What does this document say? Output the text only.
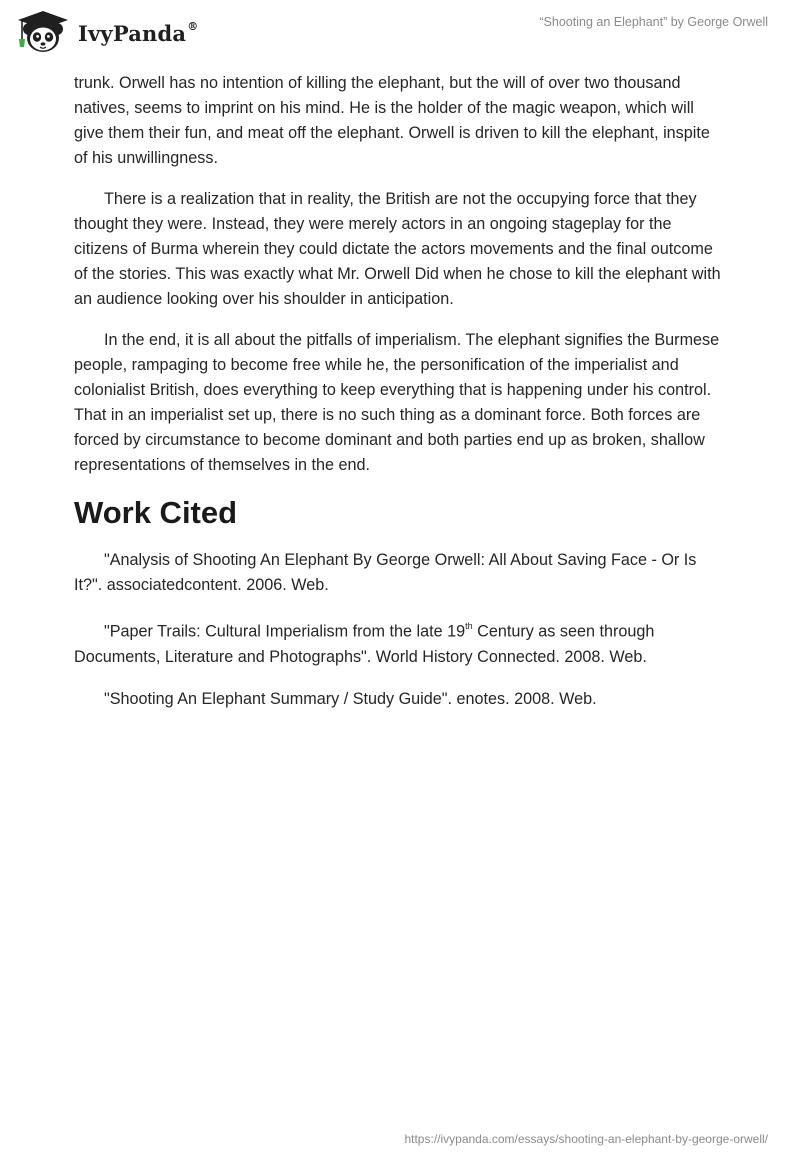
IvyPanda®	“Shooting an Elephant” by George Orwell

trunk. Orwell has no intention of killing the elephant, but the will of over two thousand natives, seems to imprint on his mind. He is the holder of the magic weapon, which will give them their fun, and meat off the elephant. Orwell is driven to kill the elephant, inspite of his unwillingness.

There is a realization that in reality, the British are not the occupying force that they thought they were. Instead, they were merely actors in an ongoing stageplay for the citizens of Burma wherein they could dictate the actors movements and the final outcome of the stories. This was exactly what Mr. Orwell Did when he chose to kill the elephant with an audience looking over his shoulder in anticipation.

In the end, it is all about the pitfalls of imperialism. The elephant signifies the Burmese people, rampaging to become free while he, the personification of the imperialist and colonialist British, does everything to keep everything that is happening under his control. That in an imperialist set up, there is no such thing as a dominant force. Both forces are forced by circumstance to become dominant and both parties end up as broken, shallow representations of themselves in the end.

Work Cited

"Analysis of Shooting An Elephant By George Orwell: All About Saving Face - Or Is It?". associatedcontent. 2006. Web.

"Paper Trails: Cultural Imperialism from the late 19th Century as seen through Documents, Literature and Photographs". World History Connected. 2008. Web.

"Shooting An Elephant Summary / Study Guide". enotes. 2008. Web.

https://ivypanda.com/essays/shooting-an-elephant-by-george-orwell/
